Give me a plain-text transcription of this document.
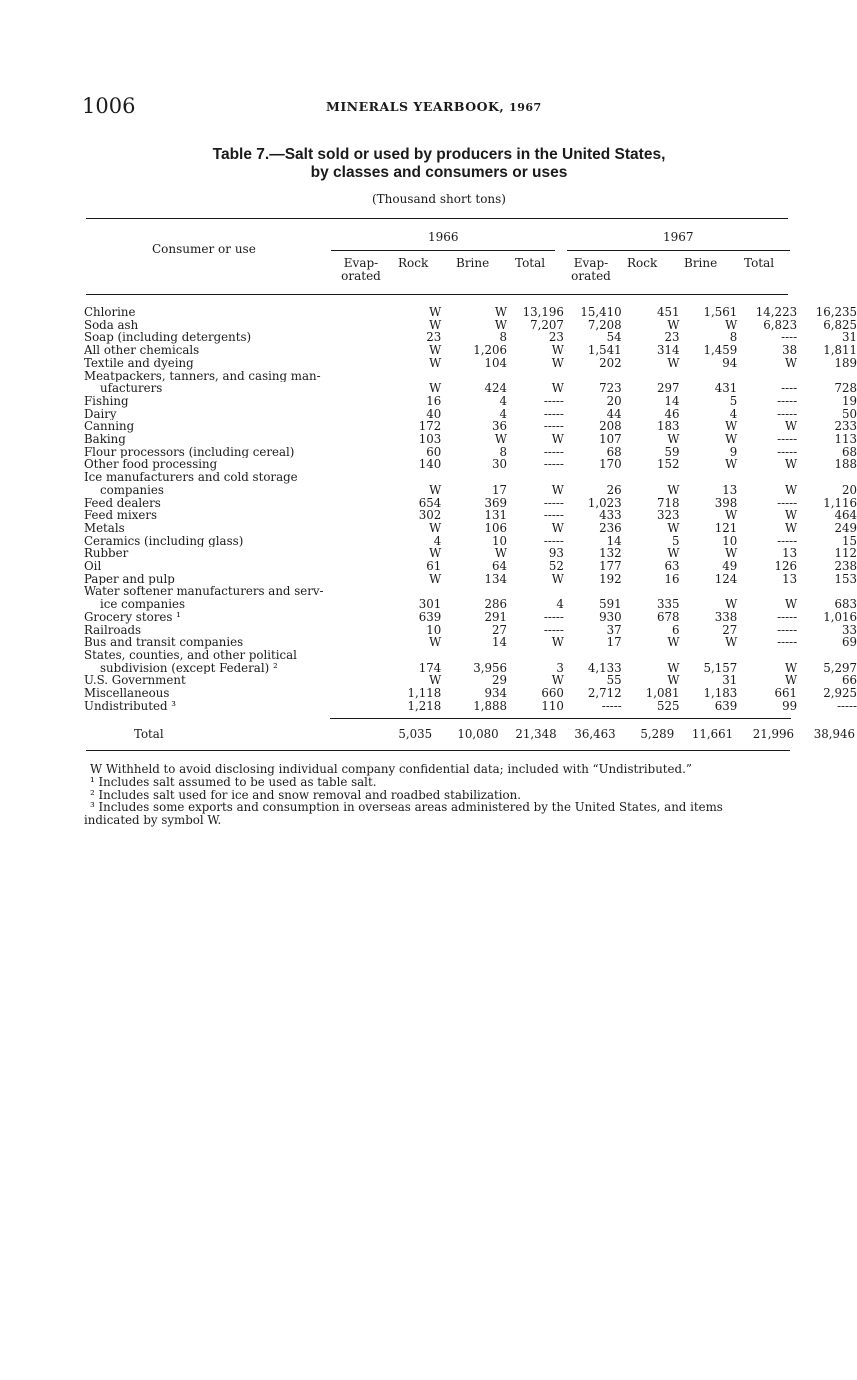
1006	MINERALS YEARBOOK, 1967
Table 7.—Salt sold or used by producers in the United States,
by classes and consumers or uses
(Thousand short tons)
Consumer or use
1966	1967
Evap-
orated
Rock Brine Total	Evap-
orated
Rock Brine Total
Chlorine	W	W	13,196	15,410	451	1,561	14,223	16,235
Soda ash	W	W	7,207	7,208	W	W	6,823	6,825
Soap (including detergents)	23	8	23	54	23	8	----	31
All other chemicals	W	1,206	W	1,541	314	1,459	38	1,811
Textile and dyeing	W	104	W	202	W	94	W	189
Meatpackers, tanners, and casing man-								
ufacturers	W	424	W	723	297	431	----	728
Fishing	16	4	-----	20	14	5	-----	19
Dairy	40	4	-----	44	46	4	-----	50
Canning	172	36	-----	208	183	W	W	233
Baking	103	W	W	107	W	W	-----	113
Flour processors (including cereal)	60	8	-----	68	59	9	-----	68
Other food processing	140	30	-----	170	152	W	W	188
Ice manufacturers and cold storage								
companies	W	17	W	26	W	13	W	20
Feed dealers	654	369	-----	1,023	718	398	-----	1,116
Feed mixers	302	131	-----	433	323	W	W	464
Metals	W	106	W	236	W	121	W	249
Ceramics (including glass)	4	10	-----	14	5	10	-----	15
Rubber	W	W	93	132	W	W	13	112
Oil	61	64	52	177	63	49	126	238
Paper and pulp	W	134	W	192	16	124	13	153
Water softener manufacturers and serv-								
ice companies	301	286	4	591	335	W	W	683
Grocery stores ¹	639	291	-----	930	678	338	-----	1,016
Railroads	10	27	-----	37	6	27	-----	33
Bus and transit companies	W	14	W	17	W	W	-----	69
States, counties, and other political								
subdivision (except Federal) ²	174	3,956	3	4,133	W	5,157	W	5,297
U.S. Government	W	29	W	55	W	31	W	66
Miscellaneous	1,118	934	660	2,712	1,081	1,183	661	2,925
Undistributed ³	1,218	1,888	110	-----	525	639	99	-----
Total	5,035	10,080	21,348	36,463	5,289	11,661	21,996	38,946

W Withheld to avoid disclosing individual company confidential data; included with “Undistributed.”

¹ Includes salt assumed to be used as table salt.

² Includes salt used for ice and snow removal and roadbed stabilization.

³ Includes some exports and consumption in overseas areas administered by the United States, and items

indicated by symbol W.
